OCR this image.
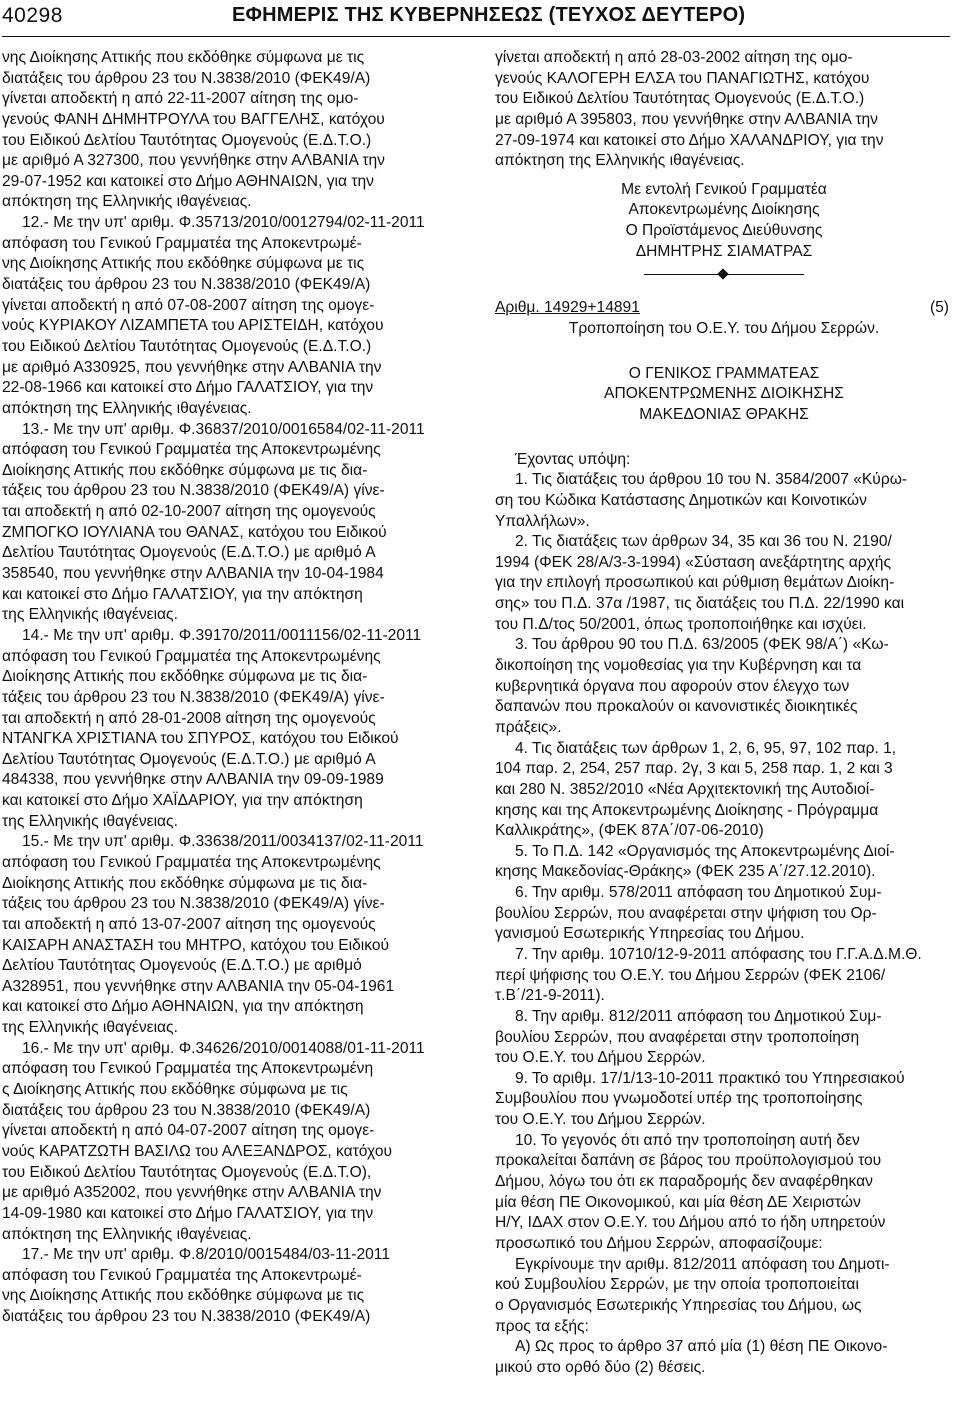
40298	ΕΦΗΜΕΡΙΣ ΤΗΣ ΚΥΒΕΡΝΗΣΕΩΣ (ΤΕΥΧΟΣ ΔΕΥΤΕΡΟ)
νης Διοίκησης Αττικής που εκδόθηκε σύμφωνα με τις
διατάξεις του άρθρου 23 του Ν.3838/2010 (ΦΕΚ49/Α)
γίνεται αποδεκτή η από 22-11-2007 αίτηση της ομο-
γενούς ΦΑΝΗ ΔΗΜΗΤΡΟΥΛΑ του ΒΑΓΓΕΛΗΣ, κατόχου
του Ειδικού Δελτίου Ταυτότητας Ομογενούς (Ε.Δ.Τ.Ο.)
με αριθμό Α 327300, που γεννήθηκε στην ΑΛΒΑΝΙΑ την
29-07-1952 και κατοικεί στο Δήμο ΑΘΗΝΑΙΩΝ, για την
απόκτηση της Ελληνικής ιθαγένειας.
12.- Με την υπ' αριθμ. Φ.35713/2010/0012794/02-11-2011
απόφαση του Γενικού Γραμματέα της Αποκεντρωμέ-
νης Διοίκησης Αττικής που εκδόθηκε σύμφωνα με τις
διατάξεις του άρθρου 23 του Ν.3838/2010 (ΦΕΚ49/Α)
γίνεται αποδεκτή η από 07-08-2007 αίτηση της ομογε-
νούς ΚΥΡΙΑΚΟΥ ΛΙΖΑΜΠΕΤΑ του ΑΡΙΣΤΕΙΔΗ, κατόχου
του Ειδικού Δελτίου Ταυτότητας Ομογενούς (Ε.Δ.Τ.Ο.)
με αριθμό Α330925, που γεννήθηκε στην ΑΛΒΑΝΙΑ την
22-08-1966 και κατοικεί στο Δήμο ΓΑΛΑΤΣΙΟΥ, για την
απόκτηση της Ελληνικής ιθαγένειας.
13.- Με την υπ' αριθμ. Φ.36837/2010/0016584/02-11-2011
απόφαση του Γενικού Γραμματέα της Αποκεντρωμένης
Διοίκησης Αττικής που εκδόθηκε σύμφωνα με τις δια-
τάξεις του άρθρου 23 του Ν.3838/2010 (ΦΕΚ49/Α) γίνε-
ται αποδεκτή η από 02-10-2007 αίτηση της ομογενούς
ΖΜΠΟΓΚΟ ΙΟΥΛΙΑΝΑ του ΘΑΝΑΣ, κατόχου του Ειδικού
Δελτίου Ταυτότητας Ομογενούς (Ε.Δ.Τ.Ο.) με αριθμό Α
358540, που γεννήθηκε στην ΑΛΒΑΝΙΑ την 10-04-1984
και κατοικεί στο Δήμο ΓΑΛΑΤΣΙΟΥ, για την απόκτηση
της Ελληνικής ιθαγένειας.
14.- Με την υπ' αριθμ. Φ.39170/2011/0011156/02-11-2011
απόφαση του Γενικού Γραμματέα της Αποκεντρωμένης
Διοίκησης Αττικής που εκδόθηκε σύμφωνα με τις δια-
τάξεις του άρθρου 23 του Ν.3838/2010 (ΦΕΚ49/Α) γίνε-
ται αποδεκτή η από 28-01-2008 αίτηση της ομογενούς
ΝΤΑΝΓΚΑ ΧΡΙΣΤΙΑΝΑ του ΣΠΥΡΟΣ, κατόχου του Ειδικού
Δελτίου Ταυτότητας Ομογενούς (Ε.Δ.Τ.Ο.) με αριθμό Α
484338, που γεννήθηκε στην ΑΛΒΑΝΙΑ την 09-09-1989
και κατοικεί στο Δήμο ΧΑΪΔΑΡΙΟΥ, για την απόκτηση
της Ελληνικής ιθαγένειας.
15.- Με την υπ' αριθμ. Φ.33638/2011/0034137/02-11-2011
απόφαση του Γενικού Γραμματέα της Αποκεντρωμένης
Διοίκησης Αττικής που εκδόθηκε σύμφωνα με τις δια-
τάξεις του άρθρου 23 του Ν.3838/2010 (ΦΕΚ49/Α) γίνε-
ται αποδεκτή η από 13-07-2007 αίτηση της ομογενούς
ΚΑΙΣΑΡΗ ΑΝΑΣΤΑΣΗ του ΜΗΤΡΟ, κατόχου του Ειδικού
Δελτίου Ταυτότητας Ομογενούς (Ε.Δ.Τ.Ο.) με αριθμό
Α328951, που γεννήθηκε στην ΑΛΒΑΝΙΑ την 05-04-1961
και κατοικεί στο Δήμο ΑΘΗΝΑΙΩΝ, για την απόκτηση
της Ελληνικής ιθαγένειας.
16.- Με την υπ' αριθμ. Φ.34626/2010/0014088/01-11-2011
απόφαση του Γενικού Γραμματέα της Αποκεντρωμένη
ς Διοίκησης Αττικής που εκδόθηκε σύμφωνα με τις
διατάξεις του άρθρου 23 του Ν.3838/2010 (ΦΕΚ49/Α)
γίνεται αποδεκτή η από 04-07-2007 αίτηση της ομογε-
νούς ΚΑΡΑΤΖΩΤΗ ΒΑΣΙΛΩ του ΑΛΕΞΑΝΔΡΟΣ, κατόχου
του Ειδικού Δελτίου Ταυτότητας Ομογενούς (Ε.Δ.Τ.Ο),
με αριθμό Α352002, που γεννήθηκε στην ΑΛΒΑΝΙΑ την
14-09-1980 και κατοικεί στο Δήμο ΓΑΛΑΤΣΙΟΥ, για την
απόκτηση της Ελληνικής ιθαγένειας.
17.- Με την υπ' αριθμ. Φ.8/2010/0015484/03-11-2011
απόφαση του Γενικού Γραμματέα της Αποκεντρωμέ-
νης Διοίκησης Αττικής που εκδόθηκε σύμφωνα με τις
διατάξεις του άρθρου 23 του Ν.3838/2010 (ΦΕΚ49/Α)
γίνεται αποδεκτή η από 28-03-2002 αίτηση της ομο-
γενούς ΚΑΛΟΓΕΡΗ ΕΛΣΑ του ΠΑΝΑΓΙΩΤΗΣ, κατόχου
του Ειδικού Δελτίου Ταυτότητας Ομογενούς (Ε.Δ.Τ.Ο.)
με αριθμό Α 395803, που γεννήθηκε στην ΑΛΒΑΝΙΑ την
27-09-1974 και κατοικεί στο Δήμο ΧΑΛΑΝΔΡΙΟΥ, για την
απόκτηση της Ελληνικής ιθαγένειας.
Με εντολή Γενικού Γραμματέα
Αποκεντρωμένης Διοίκησης
Ο Προϊστάμενος Διεύθυνσης
ΔΗΜΗΤΡΗΣ ΣΙΑΜΑΤΡΑΣ
Αριθμ. 14929+14891	(5)
Τροποποίηση του Ο.Ε.Υ. του Δήμου Σερρών.
Ο ΓΕΝΙΚΟΣ ΓΡΑΜΜΑΤΕΑΣ
ΑΠΟΚΕΝΤΡΩΜΕΝΗΣ ΔΙΟΙΚΗΣΗΣ
ΜΑΚΕΔΟΝΙΑΣ ΘΡΑΚΗΣ
Έχοντας υπόψη:
1. Τις διατάξεις του άρθρου 10 του Ν. 3584/2007 «Κύρω-
ση του Κώδικα Κατάστασης Δημοτικών και Κοινοτικών
Υπαλλήλων».
2. Τις διατάξεις των άρθρων 34, 35 και 36 του Ν. 2190/
1994 (ΦΕΚ 28/Α/3-3-1994) «Σύσταση ανεξάρτητης αρχής
για την επιλογή προσωπικού και ρύθμιση θεμάτων Διοίκη-
σης» του Π.Δ. 37α /1987, τις διατάξεις του Π.Δ. 22/1990 και
του Π.Δ/τος 50/2001, όπως τροποποιήθηκε και ισχύει.
3. Του άρθρου 90 του Π.Δ. 63/2005 (ΦΕΚ 98/Α΄) «Κω-
δικοποίηση της νομοθεσίας για την Κυβέρνηση και τα
κυβερνητικά όργανα που αφορούν στον έλεγχο των
δαπανών που προκαλούν οι κανονιστικές διοικητικές
πράξεις».
4. Τις διατάξεις των άρθρων 1, 2, 6, 95, 97, 102 παρ. 1,
104 παρ. 2, 254, 257 παρ. 2γ, 3 και 5, 258 παρ. 1, 2 και 3
και 280 Ν. 3852/2010 «Νέα Αρχιτεκτονική της Αυτοδιοί-
κησης και της Αποκεντρωμένης Διοίκησης - Πρόγραμμα
Καλλικράτης», (ΦΕΚ 87Α΄/07-06-2010)
5. Το Π.Δ. 142 «Οργανισμός της Αποκεντρωμένης Διοί-
κησης Μακεδονίας-Θράκης» (ΦΕΚ 235 Α΄/27.12.2010).
6. Την αριθμ. 578/2011 απόφαση του Δημοτικού Συμ-
βουλίου Σερρών, που αναφέρεται στην ψήφιση του Ορ-
γανισμού Εσωτερικής Υπηρεσίας του Δήμου.
7. Την αριθμ. 10710/12-9-2011 απόφασης του Γ.Γ.Α.Δ.Μ.Θ.
περί ψήφισης του Ο.Ε.Υ. του Δήμου Σερρών (ΦΕΚ 2106/
τ.Β΄/21-9-2011).
8. Την αριθμ. 812/2011 απόφαση του Δημοτικού Συμ-
βουλίου Σερρών, που αναφέρεται στην τροποποίηση
του Ο.Ε.Υ. του Δήμου Σερρών.
9. Το αριθμ. 17/1/13-10-2011 πρακτικό του Υπηρεσιακού
Συμβουλίου που γνωμοδοτεί υπέρ της τροποποίησης
του Ο.Ε.Υ. του Δήμου Σερρών.
10. Το γεγονός ότι από την τροποποίηση αυτή δεν
προκαλείται δαπάνη σε βάρος του προϋπολογισμού του
Δήμου, λόγω του ότι εκ παραδρομής δεν αναφέρθηκαν
μία θέση ΠΕ Οικονομικού, και μία θέση ΔΕ Χειριστών
Η/Υ, ΙΔΑΧ στον Ο.Ε.Υ. του Δήμου από τo ήδη υπηρετούν
προσωπικό του Δήμου Σερρών, αποφασίζουμε:
Εγκρίνουμε την αριθμ. 812/2011 απόφαση του Δημοτι-
κού Συμβουλίου Σερρών, με την οποία τροποποιείται
ο Οργανισμός Εσωτερικής Υπηρεσίας του Δήμου, ως
προς τα εξής:
Α) Ως προς το άρθρο 37 από μία (1) θέση ΠΕ Οικονο-
μικού στο ορθό δύο (2) θέσεις.
